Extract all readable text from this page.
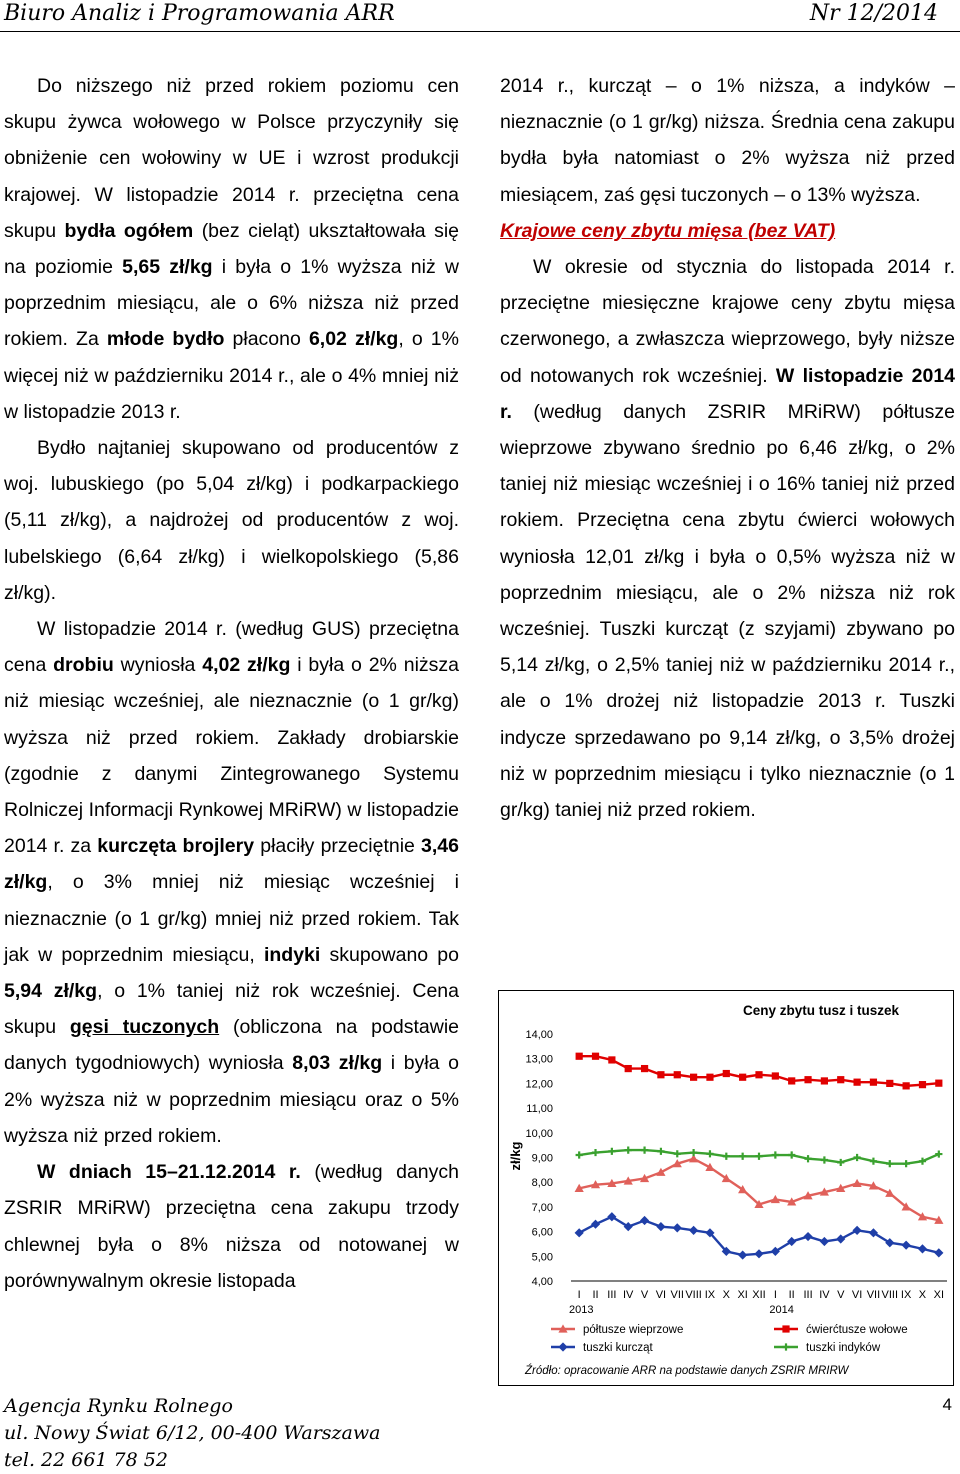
Biuro Analiz i Programowania ARR	Nr 12/2014

Do niższego niż przed rokiem poziomu cen skupu żywca wołowego w Polsce przyczyniły się obniżenie cen wołowiny w UE i wzrost produkcji krajowej. W listopadzie 2014 r. przeciętna cena skupu bydła ogółem (bez cieląt) ukształtowała się na poziomie 5,65 zł/kg i była o 1% wyższa niż w poprzednim miesiącu, ale o 6% niższa niż przed rokiem. Za młode bydło płacono 6,02 zł/kg, o 1% więcej niż w październiku 2014 r., ale o 4% mniej niż w listopadzie 2013 r.

Bydło najtaniej skupowano od producentów z woj. lubuskiego (po 5,04 zł/kg) i podkarpackiego (5,11 zł/kg), a najdrożej od producentów z woj. lubelskiego (6,64 zł/kg) i wielkopolskiego (5,86 zł/kg).

W listopadzie 2014 r. (według GUS) przeciętna cena drobiu wyniosła 4,02 zł/kg i była o 2% niższa niż miesiąc wcześniej, ale nieznacznie (o 1 gr/kg) wyższa niż przed rokiem. Zakłady drobiarskie (zgodnie z danymi Zintegrowanego Systemu Rolniczej Informacji Rynkowej MRiRW) w listopadzie 2014 r. za kurczęta brojlery płaciły przeciętnie 3,46 zł/kg, o 3% mniej niż miesiąc wcześniej i nieznacznie (o 1 gr/kg) mniej niż przed rokiem. Tak jak w poprzednim miesiącu, indyki skupowano po 5,94 zł/kg, o 1% taniej niż rok wcześniej. Cena skupu gęsi tuczonych (obliczona na podstawie danych tygodniowych) wyniosła 8,03 zł/kg i była o 2% wyższa niż w poprzednim miesiącu oraz o 5% wyższa niż przed rokiem.

W dniach 15–21.12.2014 r. (według danych ZSRIR MRiRW) przeciętna cena zakupu trzody chlewnej była o 8% niższa od notowanej w porównywalnym okresie listopada

2014 r., kurcząt – o 1% niższa, a indyków – nieznacznie (o 1 gr/kg) niższa. Średnia cena zakupu bydła była natomiast o 2% wyższa niż przed miesiącem, zaś gęsi tuczonych – o 13% wyższa.

Krajowe ceny zbytu mięsa (bez VAT)

W okresie od stycznia do listopada 2014 r. przeciętne miesięczne krajowe ceny zbytu mięsa czerwonego, a zwłaszcza wieprzowego, były niższe od notowanych rok wcześniej. W listopadzie 2014 r. (według danych ZSRIR MRiRW) półtusze wieprzowe zbywano średnio po 6,46 zł/kg, o 2% taniej niż miesiąc wcześniej i o 16% taniej niż przed rokiem. Przeciętna cena zbytu ćwierci wołowych wyniosła 12,01 zł/kg i była o 0,5% wyższa niż w poprzednim miesiącu, ale o 2% niższa niż rok wcześniej. Tuszki kurcząt (z szyjami) zbywano po 5,14 zł/kg, o 2,5% taniej niż w październiku 2014 r., ale o 1% drożej niż listopadzie 2013 r. Tuszki indycze sprzedawano po 9,14 zł/kg, o 3,5% drożej niż w poprzednim miesiącu i tylko nieznacznie (o 1 gr/kg) taniej niż przed rokiem.

Ceny zbytu tusz i tuszek
zł/kg
14,00
13,00
12,00
11,00
10,00
9,00
8,00
7,00
6,00
5,00
4,00
I II III IV V VI VII VIII IX X XI XII I II III IV V VI VII VIII IX X XI
2013	2014
półtusze wieprzowe	ćwierćtusze wołowe
tuszki kurcząt	tuszki indyków
Źródło: opracowanie ARR na podstawie danych ZSRIR MRIRW
Agencja Rynku Rolnego
ul. Nowy Świat 6/12, 00-400 Warszawa
tel. 22 661 78 52
4
